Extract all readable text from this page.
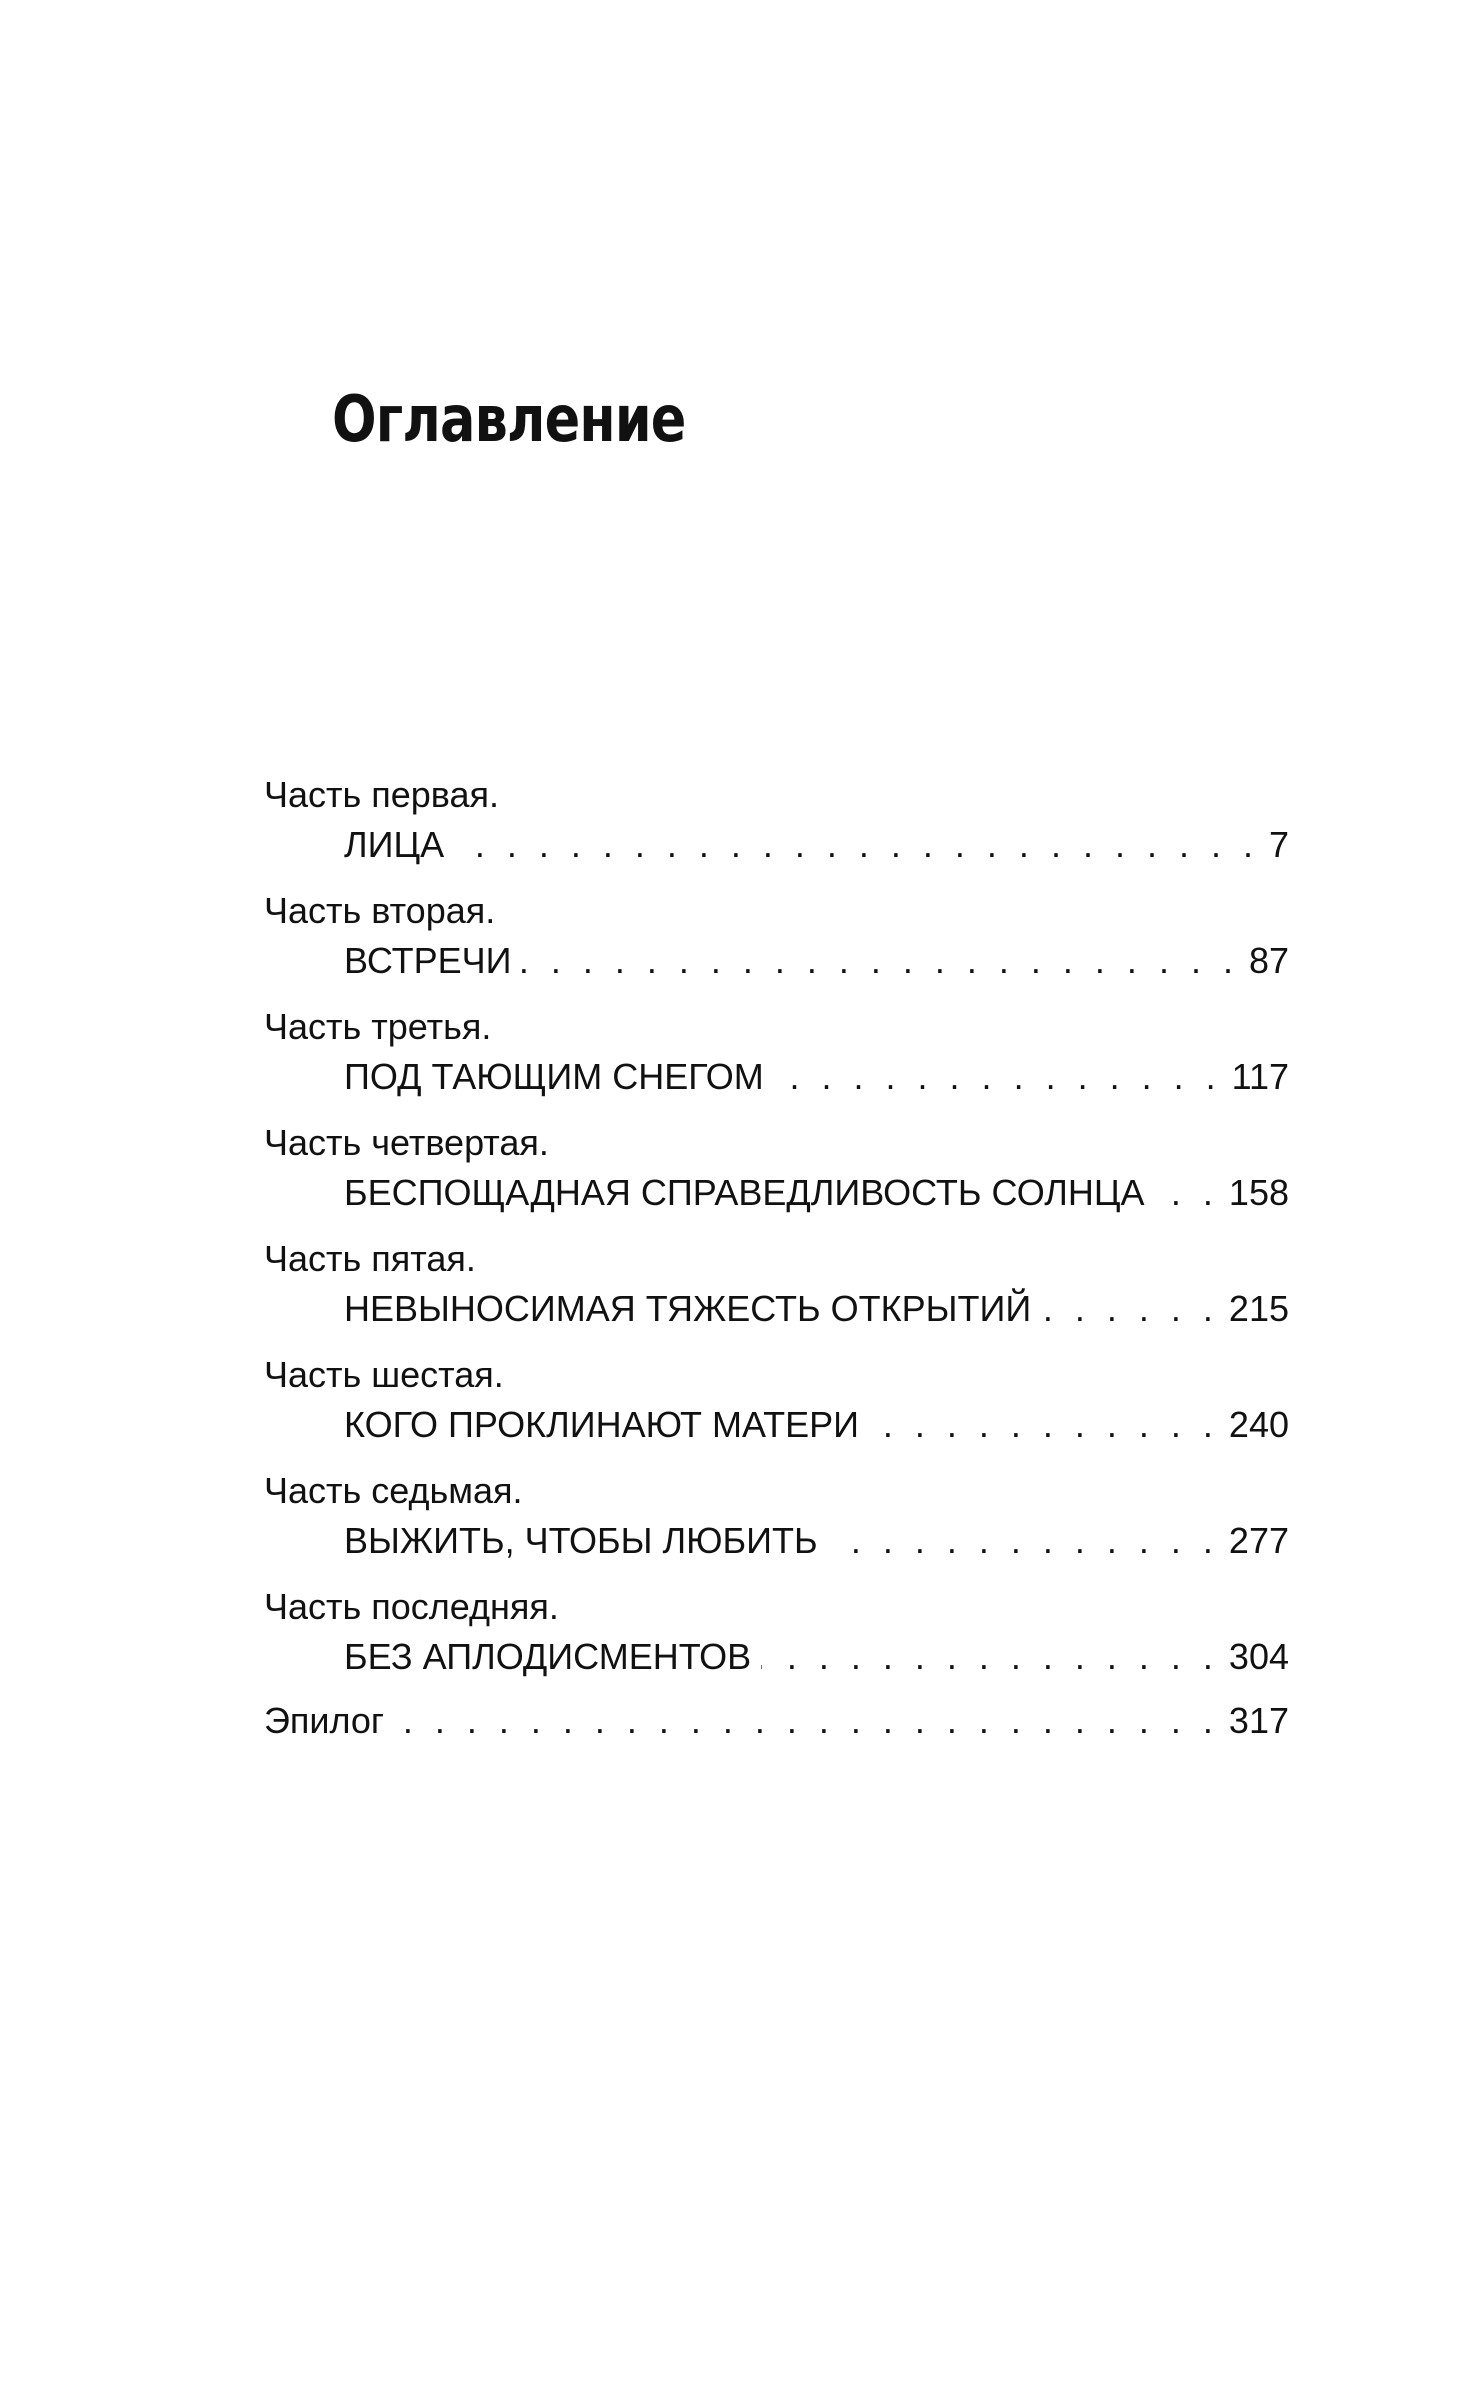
Оглавление
Часть первая.
ЛИЦА . . .	7
Часть вторая.
ВСТРЕЧИ . . .	87
Часть третья.
ПОД ТАЮЩИМ СНЕГОМ . . .	117
Часть четвертая.
БЕСПОЩАДНАЯ СПРАВЕДЛИВОСТЬ СОЛНЦА . . . 158
Часть пятая.
НЕВЫНОСИМАЯ ТЯЖЕСТЬ ОТКРЫТИЙ . . .	215
Часть шестая.
КОГО ПРОКЛИНАЮТ МАТЕРИ . . .	240
Часть седьмая.
ВЫЖИТЬ, ЧТОБЫ ЛЮБИТЬ . . .	277
Часть последняя.
БЕЗ АПЛОДИСМЕНТОВ . . .	304
Эпилог . . .	317
